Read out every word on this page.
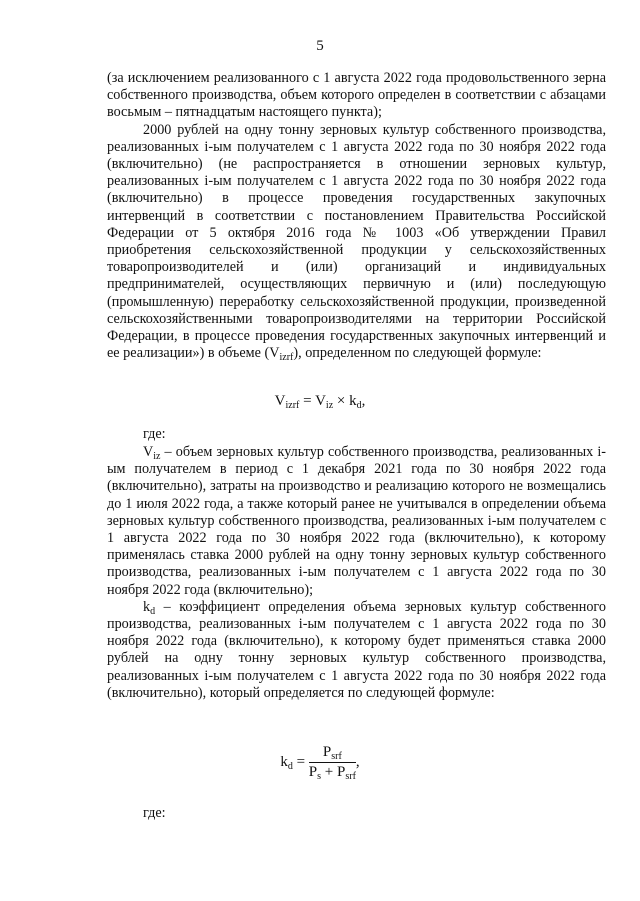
5

(за исключением реализованного с 1 августа 2022 года продовольственного зерна собственного производства, объем которого определен в соответствии с абзацами восьмым – пятнадцатым настоящего пункта);

2000 рублей на одну тонну зерновых культур собственного производства, реализованных i-ым получателем с 1 августа 2022 года по 30 ноября 2022 года (включительно) (не распространяется в отношении зерновых культур, реализованных i-ым получателем с 1 августа 2022 года по 30 ноября 2022 года (включительно) в процессе проведения государственных закупочных интервенций в соответствии с постановлением Правительства Российской Федерации от 5 октября 2016 года № 1003 «Об утверждении Правил приобретения сельскохозяйственной продукции у сельскохозяйственных товаропроизводителей и (или) организаций и индивидуальных предпринимателей, осуществляющих первичную и (или) последующую (промышленную) переработку сельскохозяйственной продукции, произведенной сельскохозяйственными товаропроизводителями на территории Российской Федерации, в процессе проведения государственных закупочных интервенций и ее реализации») в объеме $(V_{izrf})$, определенном по следующей формуле:

$V_{izrf} = V_{iz} \times k_d$,
где:

$V_{iz}$ – объем зерновых культур собственного производства, реализованных i-ым получателем в период с 1 декабря 2021 года по 30 ноября 2022 года (включительно), затраты на производство и реализацию которого не возмещались до 1 июля 2022 года, а также который ранее не учитывался в определении объема зерновых культур собственного производства, реализованных i-ым получателем с 1 августа 2022 года по 30 ноября 2022 года (включительно), к которому применялась ставка 2000 рублей на одну тонну зерновых культур собственного производства, реализованных i-ым получателем с 1 августа 2022 года по 30 ноября 2022 года (включительно);

$k_d$ – коэффициент определения объема зерновых культур собственного производства, реализованных i-ым получателем с 1 августа 2022 года по 30 ноября 2022 года (включительно), к которому будет применяться ставка 2000 рублей на одну тонну зерновых культур собственного производства, реализованных i-ым получателем с 1 августа 2022 года по 30 ноября 2022 года (включительно), который определяется по следующей формуле:

$k_d = \frac{P_{srf}}{P_s + P_{srf}}$ ,
где:
